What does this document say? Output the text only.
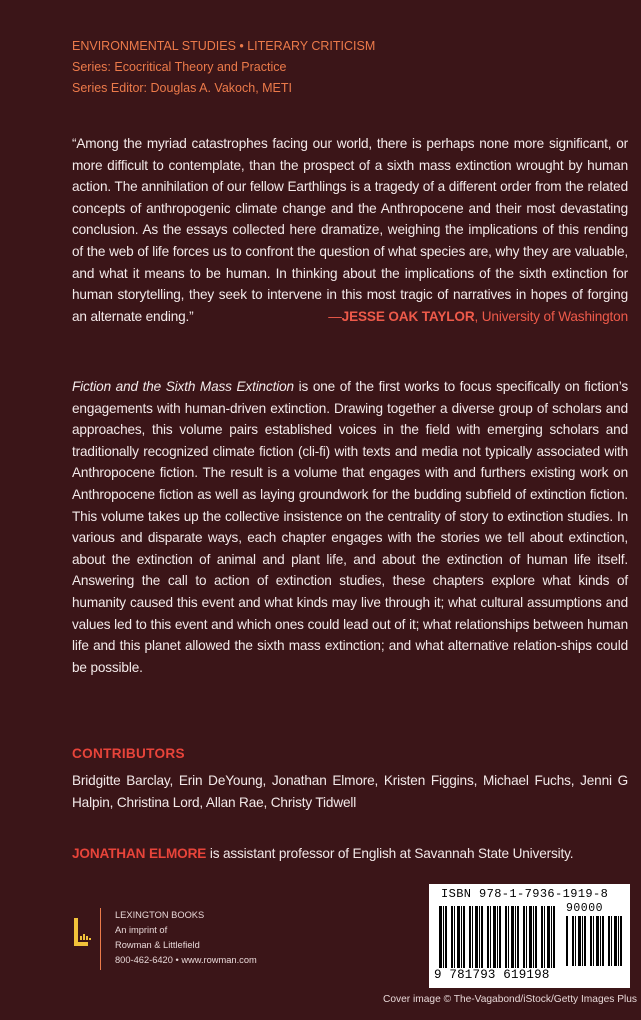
ENVIRONMENTAL STUDIES • LITERARY CRITICISM
Series: Ecocritical Theory and Practice
Series Editor: Douglas A. Vakoch, METI
“Among the myriad catastrophes facing our world, there is perhaps none more significant, or more difficult to contemplate, than the prospect of a sixth mass extinction wrought by human action. The annihilation of our fellow Earthlings is a tragedy of a different order from the related concepts of anthropogenic climate change and the Anthropocene and their most devastating conclusion. As the essays collected here dramatize, weighing the implications of this rending of the web of life forces us to confront the question of what species are, why they are valuable, and what it means to be human. In thinking about the implications of the sixth extinction for human storytelling, they seek to intervene in this most tragic of narratives in hopes of forging an alternate ending.”	—JESSE OAK TAYLOR, University of Washington
Fiction and the Sixth Mass Extinction is one of the first works to focus specifically on fiction’s engagements with human-driven extinction. Drawing together a diverse group of scholars and approaches, this volume pairs established voices in the field with emerging scholars and traditionally recognized climate fiction (cli-fi) with texts and media not typically associated with Anthropocene fiction. The result is a volume that engages with and furthers existing work on Anthropocene fiction as well as laying groundwork for the budding subfield of extinction fiction. This volume takes up the collective insistence on the centrality of story to extinction studies. In various and disparate ways, each chapter engages with the stories we tell about extinction, about the extinction of animal and plant life, and about the extinction of human life itself. Answering the call to action of extinction studies, these chapters explore what kinds of humanity caused this event and what kinds may live through it; what cultural assumptions and values led to this event and which ones could lead out of it; what relationships between human life and this planet allowed the sixth mass extinction; and what alternative relation-ships could be possible.
CONTRIBUTORS
Bridgitte Barclay, Erin DeYoung, Jonathan Elmore, Kristen Figgins, Michael Fuchs, Jenni G Halpin, Christina Lord, Allan Rae, Christy Tidwell
JONATHAN ELMORE is assistant professor of English at Savannah State University.
LEXINGTON BOOKS
An imprint of
Rowman & Littlefield
800-462-6420 • www.rowman.com
ISBN 978-1-7936-1919-8
90000
9 781793 619198
Cover image © The-Vagabond/iStock/Getty Images Plus
